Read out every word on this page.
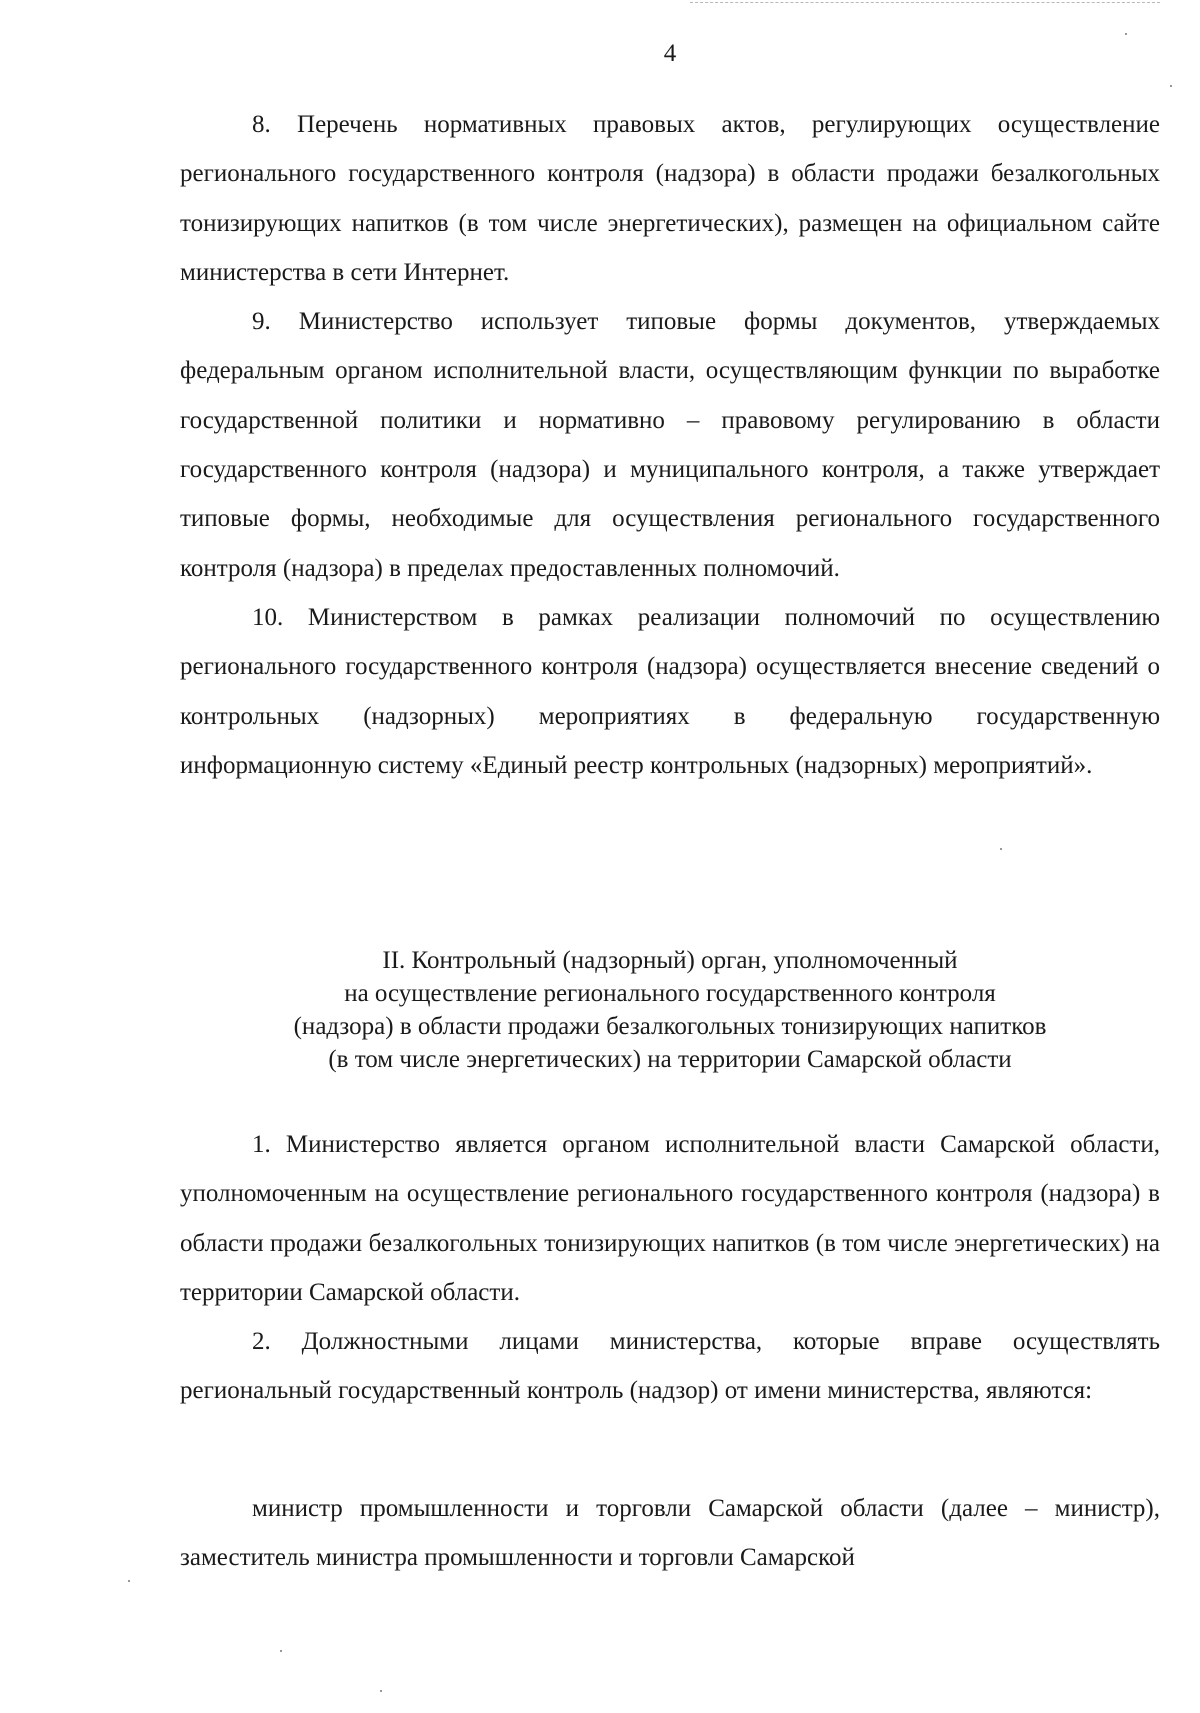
4

8. Перечень нормативных правовых актов, регулирующих осуществление регионального государственного контроля (надзора) в области продажи безалкогольных тонизирующих напитков (в том числе энергетических), размещен на официальном сайте министерства в сети Интернет.

9. Министерство использует типовые формы документов, утверждаемых федеральным органом исполнительной власти, осуществляющим функции по выработке государственной политики и нормативно – правовому регулированию в области государственного контроля (надзора) и муниципального контроля, а также утверждает типовые формы, необходимые для осуществления регионального государственного контроля (надзора) в пределах предоставленных полномочий.

10. Министерством в рамках реализации полномочий по осуществлению регионального государственного контроля (надзора) осуществляется внесение сведений о контрольных (надзорных) мероприятиях в федеральную государственную информационную систему «Единый реестр контрольных (надзорных) мероприятий».

II. Контрольный (надзорный) орган, уполномоченный
на осуществление регионального государственного контроля
(надзора) в области продажи безалкогольных тонизирующих напитков
(в том числе энергетических) на территории Самарской области

1. Министерство является органом исполнительной власти Самарской области, уполномоченным на осуществление регионального государственного контроля (надзора) в области продажи безалкогольных тонизирующих напитков (в том числе энергетических) на территории Самарской области.

2. Должностными лицами министерства, которые вправе осуществлять региональный государственный контроль (надзор) от имени министерства, являются:

министр промышленности и торговли Самарской области (далее – министр), заместитель министра промышленности и торговли Самарской
